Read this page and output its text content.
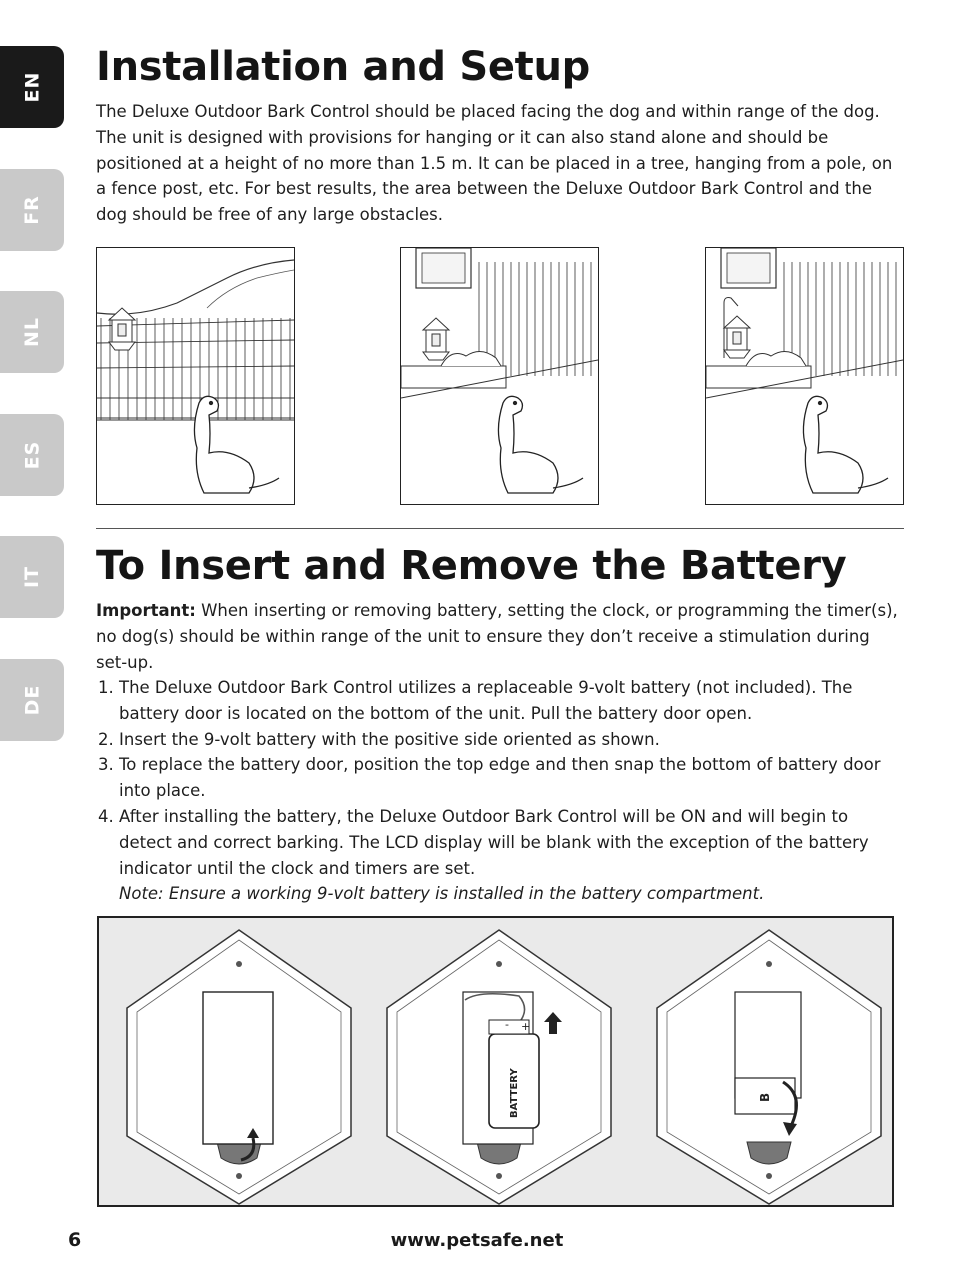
EN
FR
NL
ES
IT
DE
Installation and Setup

The Deluxe Outdoor Bark Control should be placed facing the dog and within range of the dog. The unit is designed with provisions for hanging or it can also stand alone and should be positioned at a height of no more than 1.5 m. It can be placed in a tree, hanging from a pole, on a fence post, etc. For best results, the area between the Deluxe Outdoor Bark Control and the dog should be free of any large obstacles.

To Insert and Remove the Battery

Important: When inserting or removing battery, setting the clock, or programming the timer(s), no dog(s) should be within range of the unit to ensure they don’t receive a stimulation during set-up.

1. The Deluxe Outdoor Bark Control utilizes a replaceable 9-volt battery (not included). The battery door is located on the bottom of the unit. Pull the battery door open.
2. Insert the 9-volt battery with the positive side oriented as shown.
3. To replace the battery door, position the top edge and then snap the bottom of battery door into place.
4. After installing the battery, the Deluxe Outdoor Bark Control will be ON and will begin to detect and correct barking. The LCD display will be blank with the exception of the battery indicator until the clock and timers are set.
Note: Ensure a working 9-volt battery is installed in the battery compartment.
- +
BATTERY	B
6	www.petsafe.net
